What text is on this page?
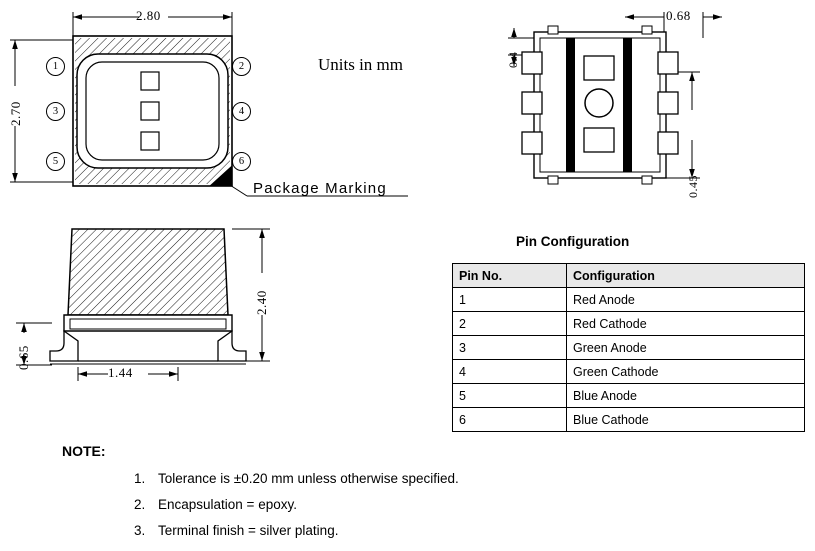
2.80
2.70
1	2
3	4
5	6
Units in mm
Package Marking
0.68
0.4
0.45
2.40
0.65
1.44
Pin Configuration
Pin No.	Configuration
1	Red Anode
2	Red Cathode
3	Green Anode
4	Green Cathode
5	Blue Anode
6	Blue Cathode
NOTE:
1. Tolerance is ±0.20 mm unless otherwise specified.
2. Encapsulation = epoxy.
3. Terminal finish = silver plating.
